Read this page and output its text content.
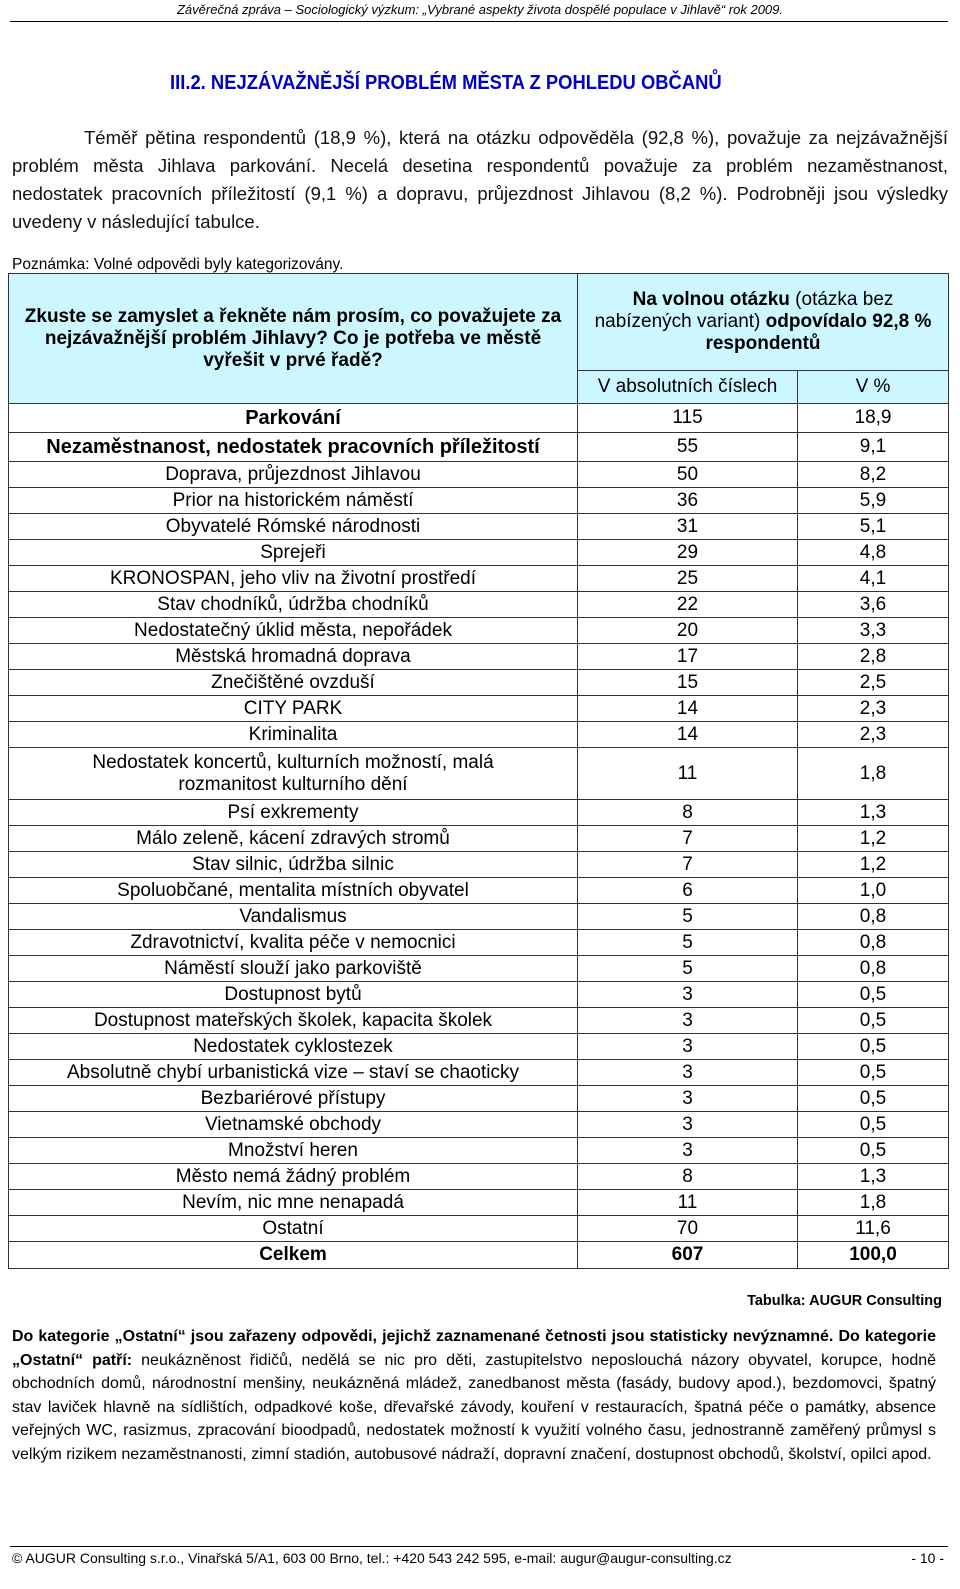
Závěrečná zpráva – Sociologický výzkum: „Vybrané aspekty života dospělé populace v Jihlavě“ rok 2009.
III.2. NEJZÁVAŽNĚJŠÍ PROBLÉM MĚSTA Z POHLEDU OBČANŮ
Téměř pětina respondentů (18,9 %), která na otázku odpověděla (92,8 %), považuje za nejzávažnější problém města Jihlava parkování. Necelá desetina respondentů považuje za problém nezaměstnanost, nedostatek pracovních příležitostí (9,1 %) a dopravu, průjezdnost Jihlavou (8,2 %). Podrobněji jsou výsledky uvedeny v následující tabulce.
Poznámka: Volné odpovědi byly kategorizovány.
Zkuste se zamyslet a řekněte nám prosím, co považujete za nejzávažnější problém Jihlavy? Co je potřeba ve městě vyřešit v prvé řadě?	Na volnou otázku (otázka bez nabízených variant) odpovídalo 92,8 % respondentů	
	V absolutních číslech	V %
Parkování	115	18,9
Nezaměstnanost, nedostatek pracovních příležitostí	55	9,1
Doprava, průjezdnost Jihlavou	50	8,2
Prior na historickém náměstí	36	5,9
Obyvatelé Rómské národnosti	31	5,1
Sprejeři	29	4,8
KRONOSPAN, jeho vliv na životní prostředí	25	4,1
Stav chodníků, údržba chodníků	22	3,6
Nedostatečný úklid města, nepořádek	20	3,3
Městská hromadná doprava	17	2,8
Znečištěné ovzduší	15	2,5
CITY PARK	14	2,3
Kriminalita	14	2,3
Nedostatek koncertů, kulturních možností, malá rozmanitost kulturního dění	11	1,8
Psí exkrementy	8	1,3
Málo zeleně, kácení zdravých stromů	7	1,2
Stav silnic, údržba silnic	7	1,2
Spoluobčané, mentalita místních obyvatel	6	1,0
Vandalismus	5	0,8
Zdravotnictví, kvalita péče v nemocnici	5	0,8
Náměstí slouží jako parkoviště	5	0,8
Dostupnost bytů	3	0,5
Dostupnost mateřských školek, kapacita školek	3	0,5
Nedostatek cyklostezek	3	0,5
Absolutně chybí urbanistická vize – staví se chaoticky	3	0,5
Bezbariérové přístupy	3	0,5
Vietnamské obchody	3	0,5
Množství heren	3	0,5
Město nemá žádný problém	8	1,3
Nevím, nic mne nenapadá	11	1,8
Ostatní	70	11,6
Celkem	607	100,0
Tabulka: AUGUR Consulting
Do kategorie „Ostatní“ jsou zařazeny odpovědi, jejichž zaznamenané četnosti jsou statisticky nevýznamné. Do kategorie „Ostatní“ patří: neukázněnost řidičů, nedělá se nic pro děti, zastupitelstvo neposlouchá názory obyvatel, korupce, hodně obchodních domů, národnostní menšiny, neukázněná mládež, zanedbanost města (fasády, budovy apod.), bezdomovci, špatný stav laviček hlavně na sídlištích, odpadkové koše, dřevařské závody, kouření v restauracích, špatná péče o památky, absence veřejných WC, rasizmus, zpracování bioodpadů, nedostatek možností k využití volného času, jednostranně zaměřený průmysl s velkým rizikem nezaměstnanosti, zimní stadión, autobusové nádraží, dopravní značení, dostupnost obchodů, školství, opilci apod.
© AUGUR Consulting s.r.o., Vinařská 5/A1, 603 00 Brno, tel.: +420 543 242 595, e-mail: augur@augur-consulting.cz	- 10 -
